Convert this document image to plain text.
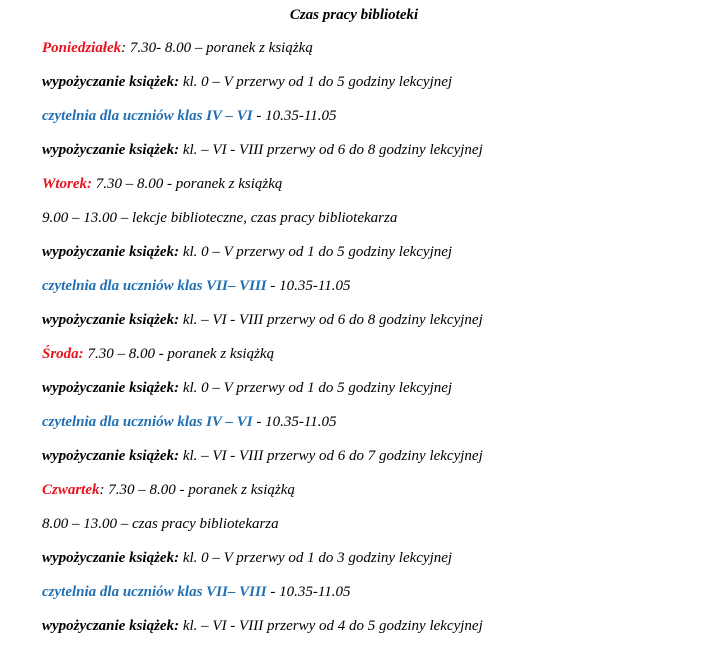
Czas pracy biblioteki
Poniedziałek: 7.30- 8.00 – poranek z książką
wypożyczanie książek: kl. 0 – V przerwy od 1 do 5 godziny lekcyjnej
czytelnia dla uczniów klas IV – VI - 10.35-11.05
wypożyczanie książek: kl. – VI - VIII przerwy od 6 do 8 godziny lekcyjnej
Wtorek: 7.30 – 8.00 - poranek z książką
9.00 – 13.00 – lekcje biblioteczne, czas pracy bibliotekarza
wypożyczanie książek: kl. 0 – V przerwy od 1 do 5 godziny lekcyjnej
czytelnia dla uczniów klas VII– VIII - 10.35-11.05
wypożyczanie książek: kl. – VI - VIII przerwy od 6 do 8 godziny lekcyjnej
Środa: 7.30 – 8.00 - poranek z książką
wypożyczanie książek: kl. 0 – V przerwy od 1 do 5 godziny lekcyjnej
czytelnia dla uczniów klas IV – VI - 10.35-11.05
wypożyczanie książek: kl. – VI - VIII przerwy od 6 do 7 godziny lekcyjnej
Czwartek: 7.30 – 8.00 - poranek z książką
8.00 – 13.00 – czas pracy bibliotekarza
wypożyczanie książek: kl. 0 – V przerwy od 1 do 3 godziny lekcyjnej
czytelnia dla uczniów klas VII– VIII - 10.35-11.05
wypożyczanie książek: kl. – VI - VIII przerwy od 4 do 5 godziny lekcyjnej
